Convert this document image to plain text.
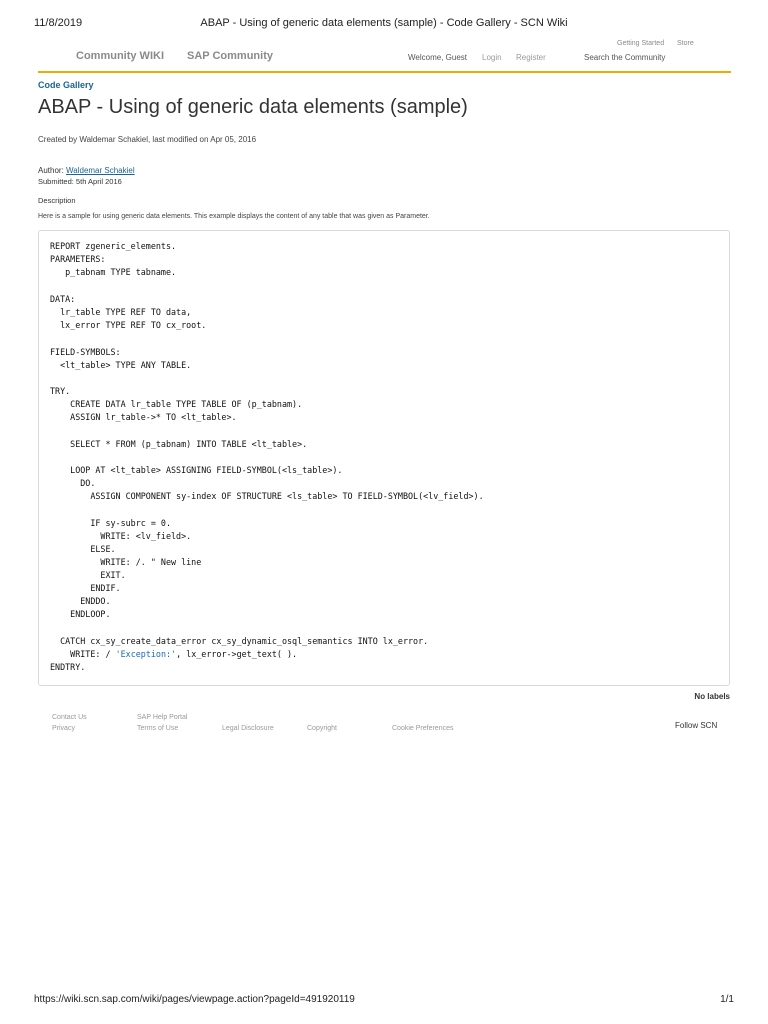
11/8/2019	ABAP - Using of generic data elements (sample) - Code Gallery - SCN Wiki
Getting Started Store
Community WIKI SAP Community	Welcome, Guest Login Register	Search the Community
Code Gallery
ABAP - Using of generic data elements (sample)
Created by Waldemar Schakiel, last modified on Apr 05, 2016
Author: Waldemar Schakiel
Submitted: 5th April 2016
Description
Here is a sample for using generic data elements. This example displays the content of any table that was given as Parameter.
REPORT zgeneric_elements.
PARAMETERS:
p_tabnam TYPE tabname.
DATA:
lr_table TYPE REF TO data,
lx_error TYPE REF TO cx_root.
FIELD-SYMBOLS:
<lt_table> TYPE ANY TABLE.
TRY.
CREATE DATA lr_table TYPE TABLE OF (p_tabnam).
ASSIGN lr_table->* TO <lt_table>.
SELECT * FROM (p_tabnam) INTO TABLE <lt_table>.
LOOP AT <lt_table> ASSIGNING FIELD-SYMBOL(<ls_table>).
DO.
ASSIGN COMPONENT sy-index OF STRUCTURE <ls_table> TO FIELD-SYMBOL(<lv_field>).
IF sy-subrc = 0.
WRITE: <lv_field>.
ELSE.
WRITE: /. " New line
EXIT.
ENDIF.
ENDDO.
ENDLOOP.
CATCH cx_sy_create_data_error cx_sy_dynamic_osql_semantics INTO lx_error.
WRITE: / 'Exception:', lx_error->get_text( ).
ENDTRY.
No labels
Contact Us	SAP Help Portal
Privacy	Terms of Use	Legal Disclosure	Copyright	Cookie Preferences	Follow SCN
https://wiki.scn.sap.com/wiki/pages/viewpage.action?pageId=491920119	1/1
